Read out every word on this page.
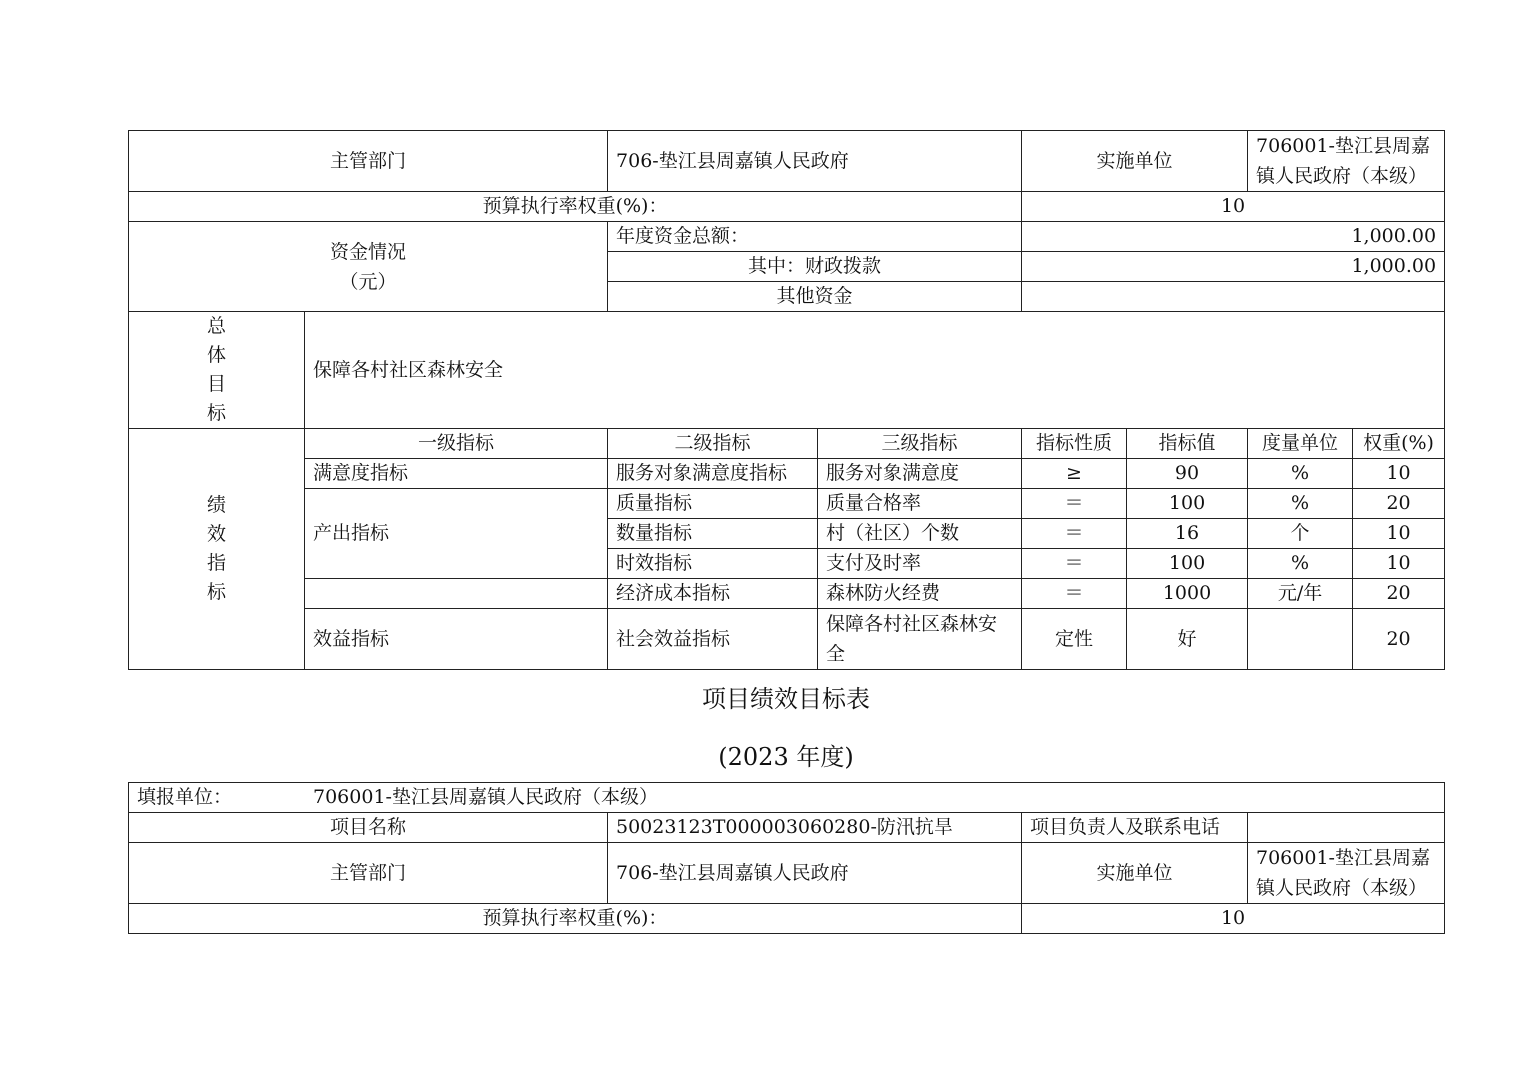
主管部门		706-垫江县周嘉镇人民政府		实施单位		706001-垫江县周嘉镇人民政府（本级）	
预算执行率权重(%)：				10			

资金情况
（元）		年度资金总额：		1,000.00			
		其中：财政拨款		1,000.00			
		其他资金					

总
体
目
标	保障各村社区森林安全						

绩
效
指
标	一级指标	二级指标	三级指标	指标性质	指标值	度量单位	权重(%)
	满意度指标	服务对象满意度指标	服务对象满意度	≥	90	%	10
	产出指标	质量指标	质量合格率	＝	100	%	20
		数量指标	村（社区）个数	＝	16	个	10
		时效指标	支付及时率	＝	100	%	10
		经济成本指标	森林防火经费	＝	1000	元/年	20
	效益指标	社会效益指标	保障各村社区森林安全	定性	好		20
项目绩效目标表
(2023 年度)
填报单位： 706001-垫江县周嘉镇人民政府（本级）			
项目名称	50023123T000003060280-防汛抗旱	项目负责人及联系电话	
主管部门	706-垫江县周嘉镇人民政府	实施单位	706001-垫江县周嘉镇人民政府（本级）
预算执行率权重(%)：		10	
